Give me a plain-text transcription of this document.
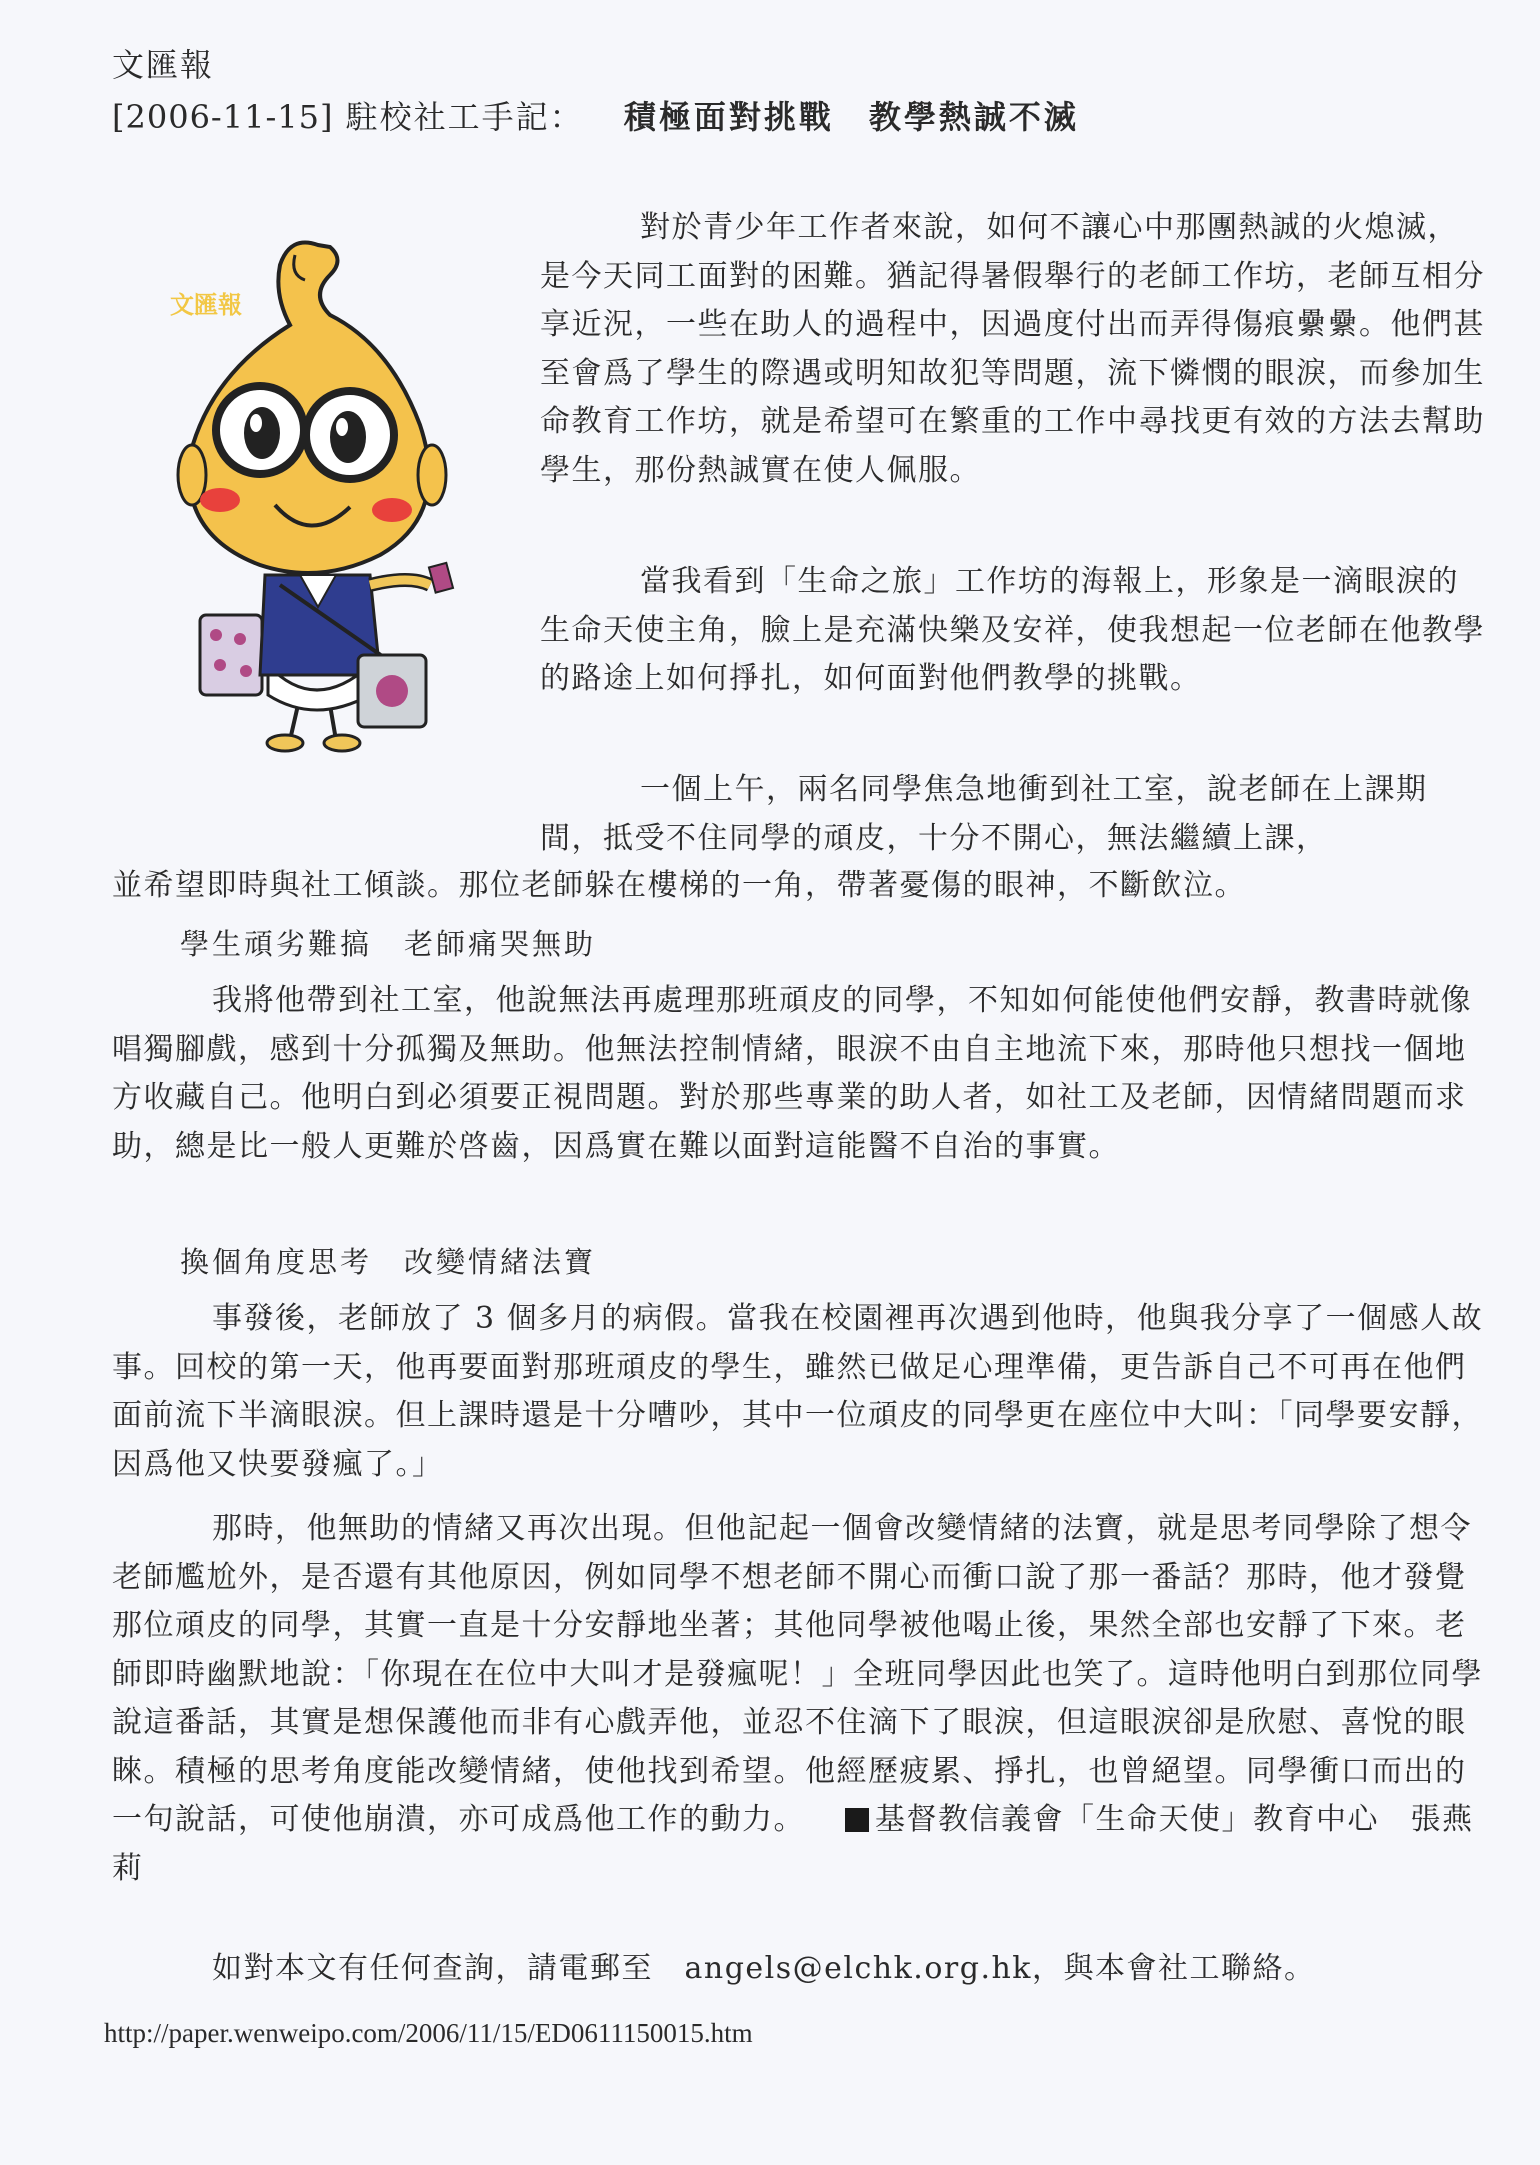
文匯報
[2006-11-15] 駐校社工手記： 積極面對挑戰　教學熱誠不滅
文匯報
對於青少年工作者來說，如何不讓心中那團熱誠的火熄滅，是今天同工面對的困難。猶記得暑假舉行的老師工作坊，老師互相分享近況，一些在助人的過程中，因過度付出而弄得傷痕纍纍。他們甚至會爲了學生的際遇或明知故犯等問題，流下憐憫的眼淚，而參加生命教育工作坊，就是希望可在繁重的工作中尋找更有效的方法去幫助學生，那份熱誠實在使人佩服。
當我看到「生命之旅」工作坊的海報上，形象是一滴眼淚的生命天使主角，臉上是充滿快樂及安祥，使我想起一位老師在他教學的路途上如何掙扎，如何面對他們教學的挑戰。
一個上午，兩名同學焦急地衝到社工室，說老師在上課期間，抵受不住同學的頑皮，十分不開心，無法繼續上課，
並希望即時與社工傾談。那位老師躲在樓梯的一角，帶著憂傷的眼神，不斷飲泣。
學生頑劣難搞　老師痛哭無助
我將他帶到社工室，他說無法再處理那班頑皮的同學，不知如何能使他們安靜，教書時就像唱獨腳戲，感到十分孤獨及無助。他無法控制情緒，眼淚不由自主地流下來，那時他只想找一個地方收藏自己。他明白到必須要正視問題。對於那些專業的助人者，如社工及老師，因情緒問題而求助，總是比一般人更難於啓齒，因爲實在難以面對這能醫不自治的事實。
換個角度思考　改變情緒法寶
事發後，老師放了 3 個多月的病假。當我在校園裡再次遇到他時，他與我分享了一個感人故事。回校的第一天，他再要面對那班頑皮的學生，雖然已做足心理準備，更告訴自己不可再在他們面前流下半滴眼淚。但上課時還是十分嘈吵，其中一位頑皮的同學更在座位中大叫：「同學要安靜，因爲他又快要發瘋了。」
那時，他無助的情緒又再次出現。但他記起一個會改變情緒的法寶，就是思考同學除了想令老師尷尬外，是否還有其他原因，例如同學不想老師不開心而衝口說了那一番話？那時，他才發覺那位頑皮的同學，其實一直是十分安靜地坐著；其他同學被他喝止後，果然全部也安靜了下來。老師即時幽默地說：「你現在在位中大叫才是發瘋呢！」全班同學因此也笑了。這時他明白到那位同學說這番話，其實是想保護他而非有心戲弄他，並忍不住滴下了眼淚，但這眼淚卻是欣慰、喜悅的眼睞。積極的思考角度能改變情緒，使他找到希望。他經歷疲累、掙扎，也曾絕望。同學衝口而出的一句說話，可使他崩潰，亦可成爲他工作的動力。 基督教信義會「生命天使」教育中心　張燕莉
如對本文有任何查詢，請電郵至　angels@elchk.org.hk，與本會社工聯絡。
http://paper.wenweipo.com/2006/11/15/ED0611150015.htm
